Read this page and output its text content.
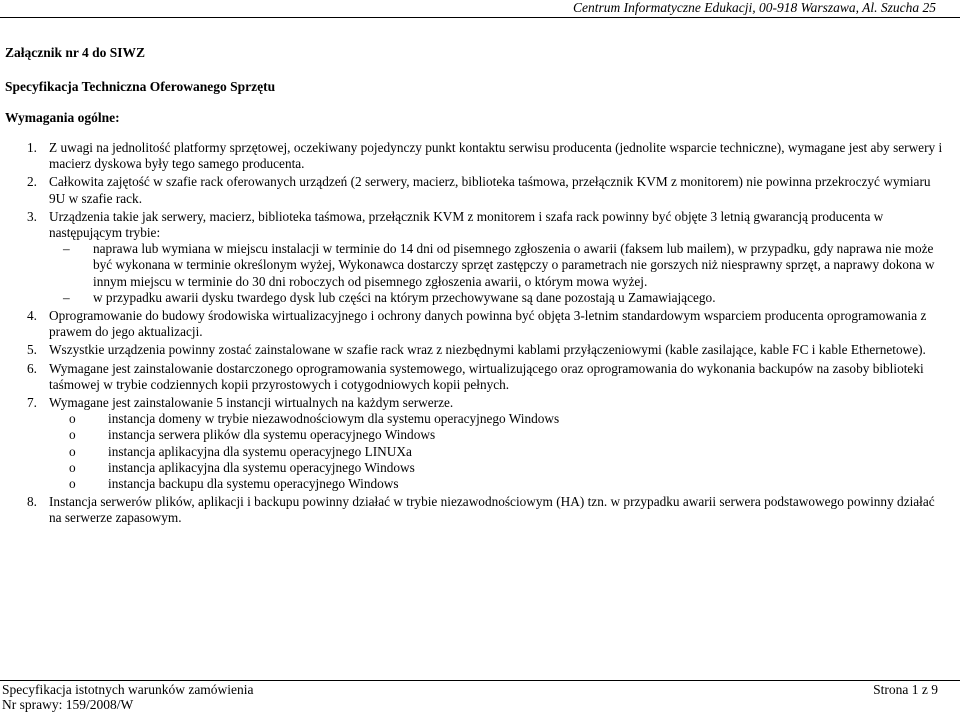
Centrum Informatyczne Edukacji, 00-918 Warszawa, Al. Szucha 25
Załącznik nr 4 do SIWZ
Specyfikacja Techniczna Oferowanego Sprzętu
Wymagania ogólne:
1. Z uwagi na jednolitość platformy sprzętowej, oczekiwany pojedynczy punkt kontaktu serwisu producenta (jednolite wsparcie techniczne), wymagane jest aby serwery i macierz dyskowa były tego samego producenta.
2. Całkowita zajętość w szafie rack oferowanych urządzeń (2 serwery, macierz, biblioteka taśmowa, przełącznik KVM z monitorem) nie powinna przekroczyć wymiaru 9U w szafie rack.
3. Urządzenia takie jak serwery, macierz, biblioteka taśmowa, przełącznik KVM z monitorem i szafa rack powinny być objęte 3 letnią gwarancją producenta w następującym trybie:
– naprawa lub wymiana w miejscu instalacji w terminie do 14 dni od pisemnego zgłoszenia o awarii (faksem lub mailem), w przypadku, gdy naprawa nie może być wykonana w terminie określonym wyżej, Wykonawca dostarczy sprzęt zastępczy o parametrach nie gorszych niż niesprawny sprzęt, a naprawy dokona w innym miejscu w terminie do 30 dni roboczych od pisemnego zgłoszenia awarii, o którym mowa wyżej.
– w przypadku awarii dysku twardego dysk lub części na którym przechowywane są dane pozostają u Zamawiającego.
4. Oprogramowanie do budowy środowiska wirtualizacyjnego i ochrony danych powinna być objęta 3-letnim standardowym wsparciem producenta oprogramowania z prawem do jego aktualizacji.
5. Wszystkie urządzenia powinny zostać zainstalowane w szafie rack wraz z niezbędnymi kablami przyłączeniowymi (kable zasilające, kable FC i kable Ethernetowe).
6. Wymagane jest zainstalowanie dostarczonego oprogramowania systemowego, wirtualizującego oraz oprogramowania do wykonania backupów na zasoby biblioteki taśmowej w trybie codziennych kopii przyrostowych i cotygodniowych kopii pełnych.
7. Wymagane jest zainstalowanie 5 instancji wirtualnych na każdym serwerze.
o	instancja domeny w trybie niezawodnościowym dla systemu operacyjnego Windows
o	instancja serwera plików dla systemu operacyjnego Windows
o	instancja aplikacyjna dla systemu operacyjnego LINUXa
o	instancja aplikacyjna dla systemu operacyjnego Windows
o	instancja backupu dla systemu operacyjnego Windows
8. Instancja serwerów plików, aplikacji i backupu powinny działać w trybie niezawodnościowym (HA) tzn. w przypadku awarii serwera podstawowego powinny działać na serwerze zapasowym.
Specyfikacja istotnych warunków zamówienia
Nr sprawy: 159/2008/W
Strona 1 z 9
